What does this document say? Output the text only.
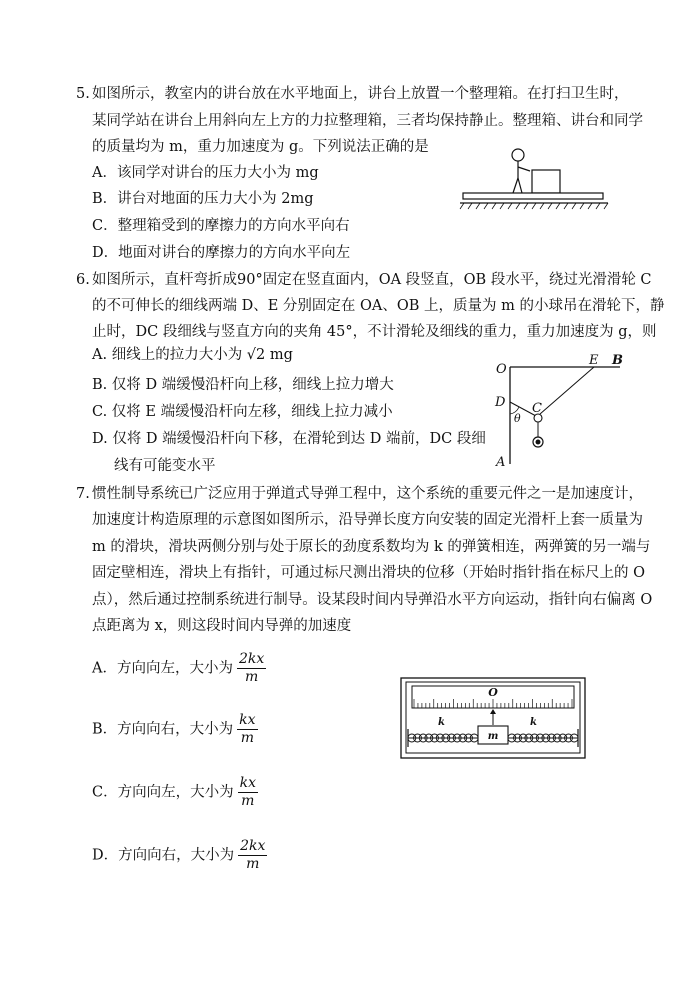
5. 如图所示，教室内的讲台放在水平地面上，讲台上放置一个整理箱。在打扫卫生时，
某同学站在讲台上用斜向左上方的力拉整理箱，三者均保持静止。整理箱、讲台和同学
的质量均为 m，重力加速度为 g。下列说法正确的是
A．该同学对讲台的压力大小为 mg
B．讲台对地面的压力大小为 2mg
C．整理箱受到的摩擦力的方向水平向右
D．地面对讲台的摩擦力的方向水平向左
6. 如图所示，直杆弯折成90°固定在竖直面内，OA 段竖直，OB 段水平，绕过光滑滑轮 C
的不可伸长的细线两端 D、E 分别固定在 OA、OB 上，质量为 m 的小球吊在滑轮下，静
止时，DC 段细线与竖直方向的夹角 45°，不计滑轮及细线的重力，重力加速度为 g，则
A. 细线上的拉力大小为 √2 mg
B. 仅将 D 端缓慢沿杆向上移，细线上拉力增大
C. 仅将 E 端缓慢沿杆向左移，细线上拉力减小
D. 仅将 D 端缓慢沿杆向下移，在滑轮到达 D 端前，DC 段细
线有可能变水平
O
E B
D C
θ
A
7. 惯性制导系统已广泛应用于弹道式导弹工程中，这个系统的重要元件之一是加速度计，
加速度计构造原理的示意图如图所示，沿导弹长度方向安装的固定光滑杆上套一质量为
m 的滑块，滑块两侧分别与处于原长的劲度系数均为 k 的弹簧相连，两弹簧的另一端与
固定壁相连，滑块上有指针，可通过标尺测出滑块的位移（开始时指针指在标尺上的 O
点），然后通过控制系统进行制导。设某段时间内导弹沿水平方向运动，指针向右偏离 O
点距离为 x，则这段时间内导弹的加速度
A．方向向左，大小为 $\frac{2kx}{m}$
B．方向向右，大小为 $\frac{kx}{m}$
C．方向向左，大小为 $\frac{kx}{m}$
D．方向向右，大小为 $\frac{2kx}{m}$
O
k	k
m
